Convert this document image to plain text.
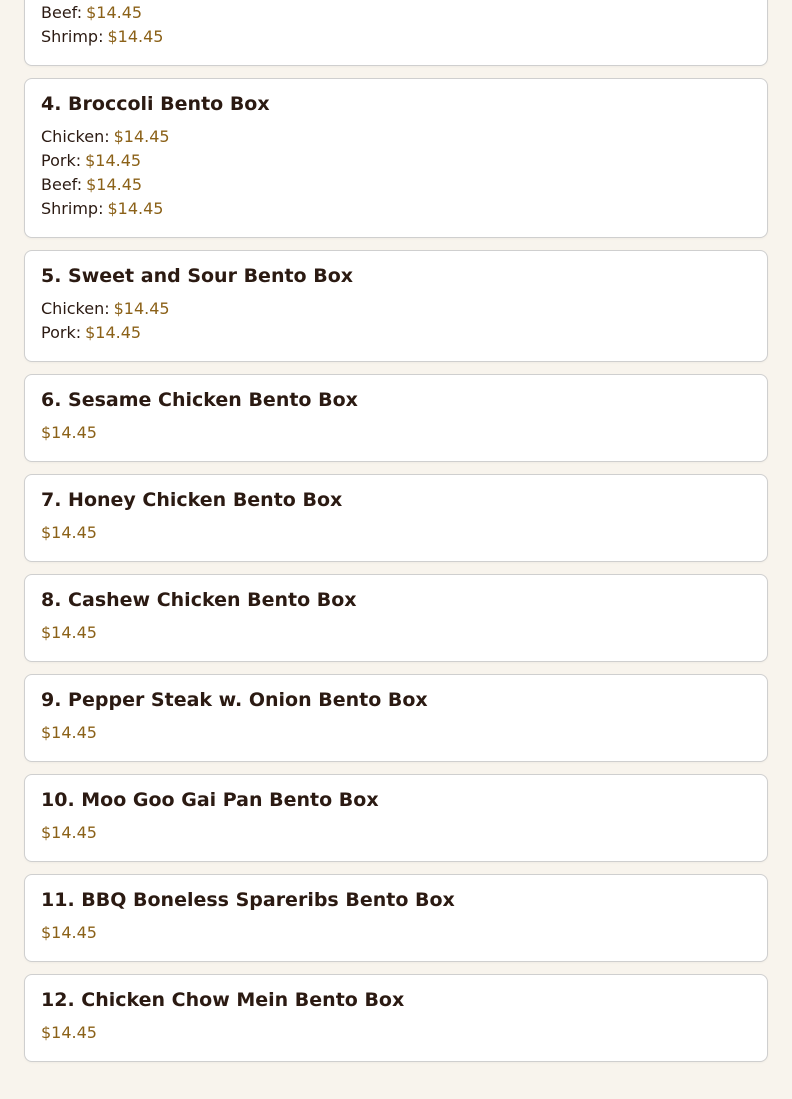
Beef: $14.45
Shrimp: $14.45
4. Broccoli Bento Box
Chicken: $14.45
Pork: $14.45
Beef: $14.45
Shrimp: $14.45
5. Sweet and Sour Bento Box
Chicken: $14.45
Pork: $14.45
6. Sesame Chicken Bento Box
$14.45
7. Honey Chicken Bento Box
$14.45
8. Cashew Chicken Bento Box
$14.45
9. Pepper Steak w. Onion Bento Box
$14.45
10. Moo Goo Gai Pan Bento Box
$14.45
11. BBQ Boneless Spareribs Bento Box
$14.45
12. Chicken Chow Mein Bento Box
$14.45
